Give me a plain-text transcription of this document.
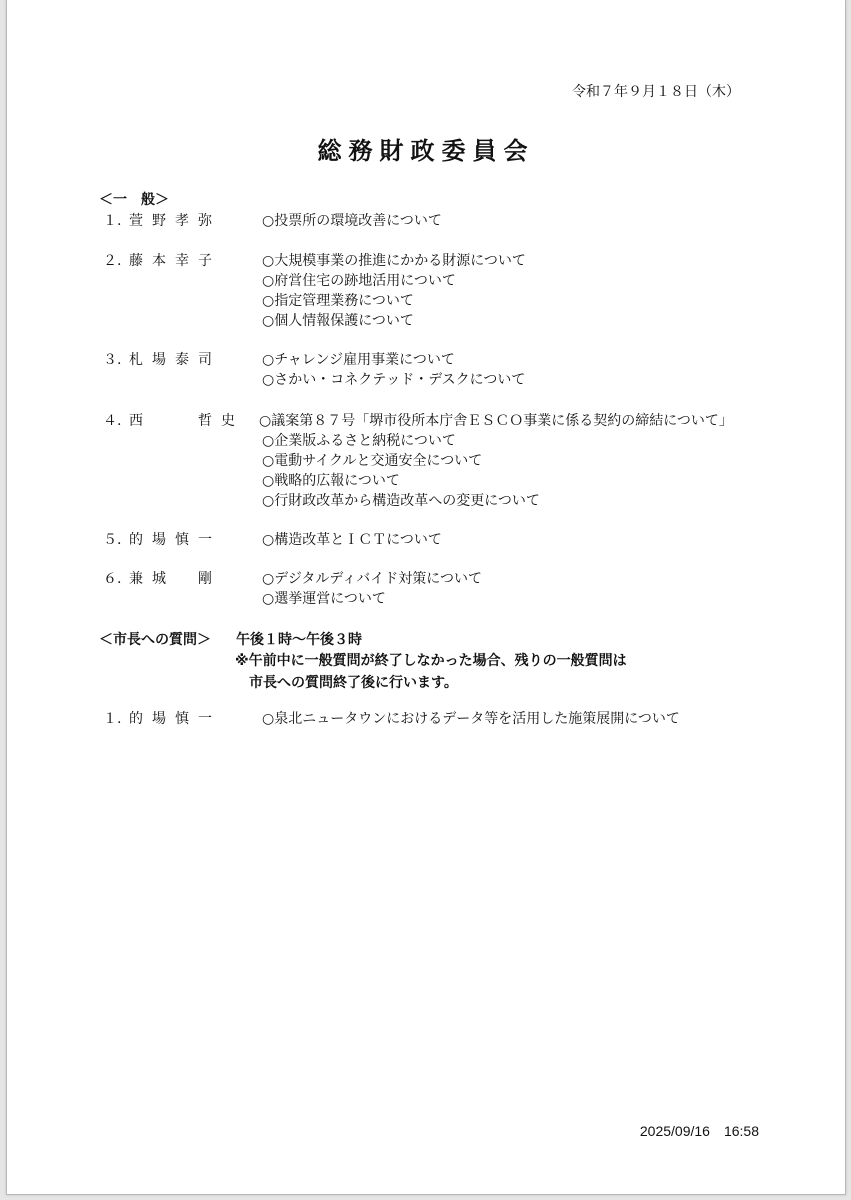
令和７年９月１８日（木）
総務財政委員会
＜一　般＞
１. 萱野孝弥	○投票所の環境改善について
２. 藤本幸子	○大規模事業の推進にかかる財源について
○府営住宅の跡地活用について
○指定管理業務について
○個人情報保護について
３. 札場泰司	○チャレンジ雇用事業について
○さかい・コネクテッド・デスクについて
４. 西　　哲史	○議案第８７号「堺市役所本庁舎ＥＳＣＯ事業に係る契約の締結について」
○企業版ふるさと納税について
○電動サイクルと交通安全について
○戦略的広報について
○行財政改革から構造改革への変更について
５. 的場慎一	○構造改革とＩＣＴについて
６. 兼城　剛	○デジタルディバイド対策について
○選挙運営について
＜市長への質問＞ 午後１時～午後３時
※午前中に一般質問が終了しなかった場合、残りの一般質問は
市長への質問終了後に行います。
１. 的場慎一	○泉北ニュータウンにおけるデータ等を活用した施策展開について
2025/09/16　16:58
